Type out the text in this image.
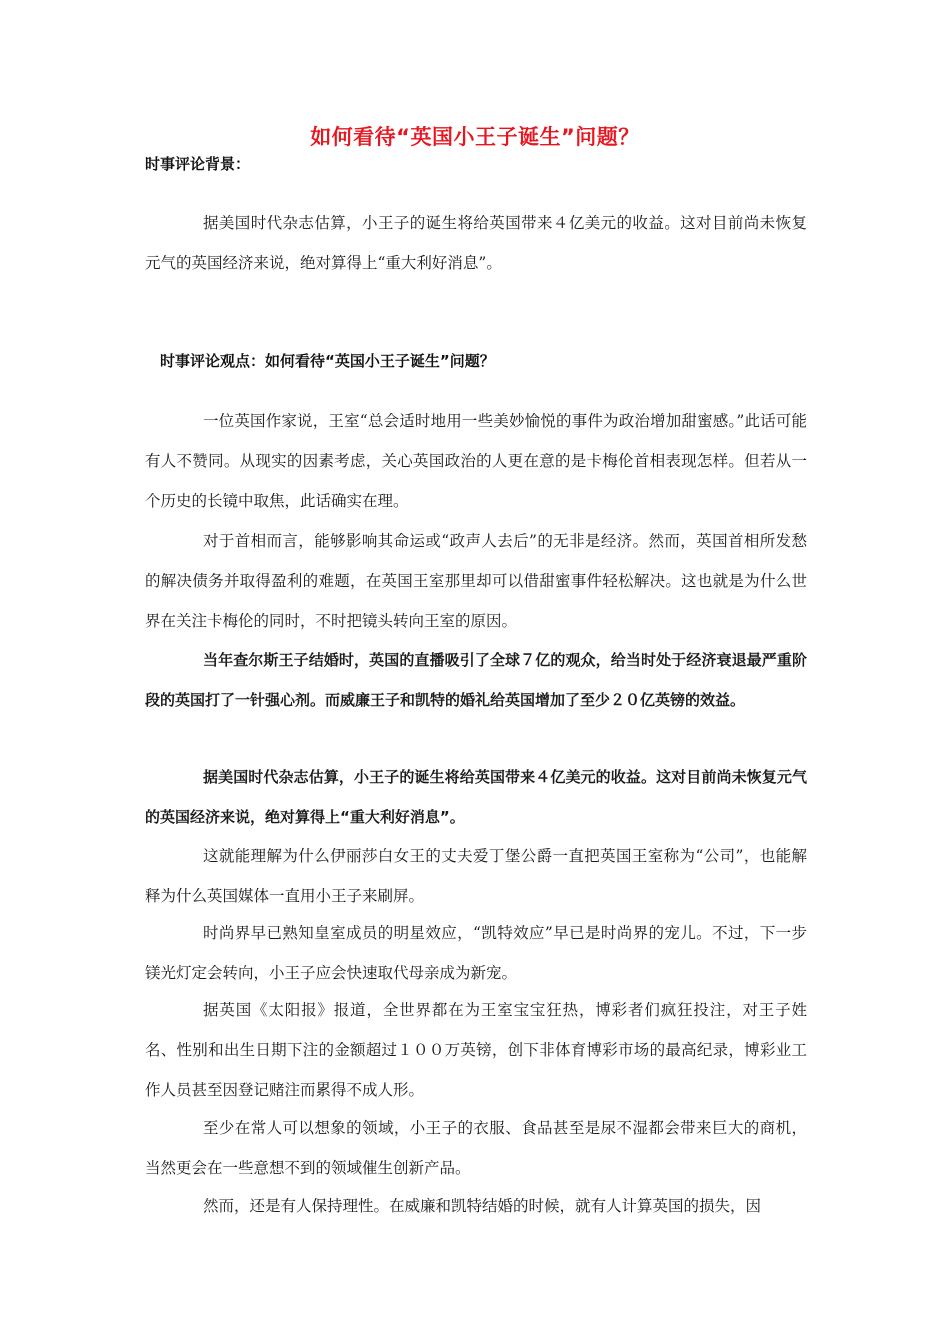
如何看待“英国小王子诞生”问题？
时事评论背景：

据美国时代杂志估算，小王子的诞生将给英国带来４亿美元的收益。这对目前尚未恢复元气的英国经济来说，绝对算得上“重大利好消息”。

时事评论观点：如何看待“英国小王子诞生”问题？

一位英国作家说，王室“总会适时地用一些美妙愉悦的事件为政治增加甜蜜感。”此话可能有人不赞同。从现实的因素考虑，关心英国政治的人更在意的是卡梅伦首相表现怎样。但若从一个历史的长镜中取焦，此话确实在理。

对于首相而言，能够影响其命运或“政声人去后”的无非是经济。然而，英国首相所发愁的解决债务并取得盈利的难题，在英国王室那里却可以借甜蜜事件轻松解决。这也就是为什么世界在关注卡梅伦的同时，不时把镜头转向王室的原因。

当年查尔斯王子结婚时，英国的直播吸引了全球７亿的观众，给当时处于经济衰退最严重阶段的英国打了一针强心剂。而威廉王子和凯特的婚礼给英国增加了至少２０亿英镑的效益。

据美国时代杂志估算，小王子的诞生将给英国带来４亿美元的收益。这对目前尚未恢复元气的英国经济来说，绝对算得上“重大利好消息”。

这就能理解为什么伊丽莎白女王的丈夫爱丁堡公爵一直把英国王室称为“公司”，也能解释为什么英国媒体一直用小王子来刷屏。

时尚界早已熟知皇室成员的明星效应，“凯特效应”早已是时尚界的宠儿。不过，下一步镁光灯定会转向，小王子应会快速取代母亲成为新宠。

据英国《太阳报》报道，全世界都在为王室宝宝狂热，博彩者们疯狂投注，对王子姓名、性别和出生日期下注的金额超过１００万英镑，创下非体育博彩市场的最高纪录，博彩业工作人员甚至因登记赌注而累得不成人形。

至少在常人可以想象的领域，小王子的衣服、食品甚至是尿不湿都会带来巨大的商机，当然更会在一些意想不到的领域催生创新产品。

然而，还是有人保持理性。在威廉和凯特结婚的时候，就有人计算英国的损失，因
